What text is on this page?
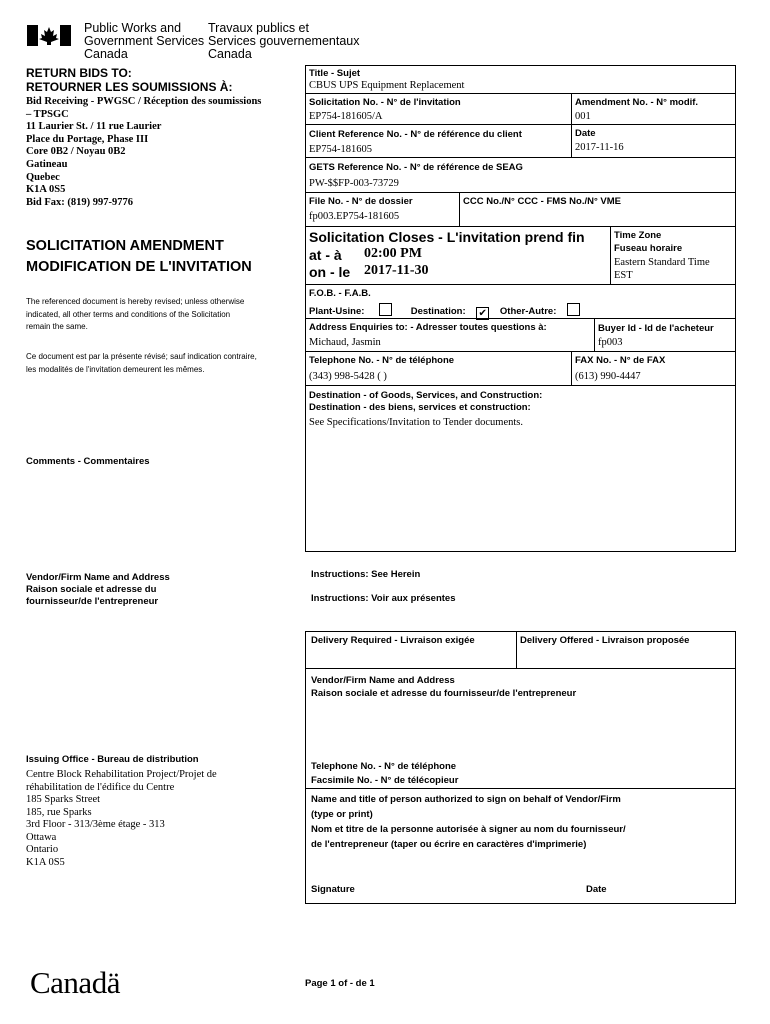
Public Works and
Government Services
Canada
Travaux publics et
Services gouvernementaux
Canada
RETURN BIDS TO:
RETOURNER LES SOUMISSIONS À:
Bid Receiving - PWGSC / Réception des soumissions
– TPSGC
11 Laurier St. / 11 rue Laurier
Place du Portage, Phase III
Core 0B2 / Noyau 0B2
Gatineau
Quebec
K1A 0S5
Bid Fax: (819) 997-9776
SOLICITATION AMENDMENT
MODIFICATION DE L'INVITATION
The referenced document is hereby revised; unless otherwise
indicated, all other terms and conditions of the Solicitation
remain the same.
Ce document est par la présente révisé; sauf indication contraire,
les modalités de l'invitation demeurent les mêmes.
Comments - Commentaires
Vendor/Firm Name and Address
Raison sociale et adresse du
fournisseur/de l'entrepreneur
Issuing Office - Bureau de distribution
Centre Block Rehabilitation Project/Projet de
réhabilitation de l'édifice du Centre
185 Sparks Street
185, rue Sparks
3rd Floor - 313/3ème étage - 313
Ottawa
Ontario
K1A 0S5
Title - Sujet
CBUS UPS Equipment Replacement
Solicitation No. - N° de l'invitation
EP754-181605/A
Amendment No. - N° modif.
001
Client Reference No. - N° de référence du client
EP754-181605
Date
2017-11-16
GETS Reference No. - N° de référence de SEAG
PW-$$FP-003-73729
File No. - N° de dossier
fp003.EP754-181605
CCC No./N° CCC - FMS No./N° VME
Solicitation Closes - L'invitation prend fin
at - à 02:00 PM
on - le 2017-11-30
Time Zone
Fuseau horaire
Eastern Standard Time
EST
F.O.B. - F.A.B.
Plant-Usine:	Destination: ✔ Other-Autre:
Address Enquiries to: - Adresser toutes questions à:
Michaud, Jasmin
Buyer Id - Id de l'acheteur
fp003
Telephone No. - N° de téléphone
(343) 998-5428 ( )
FAX No. - N° de FAX
(613) 990-4447
Destination - of Goods, Services, and Construction:
Destination - des biens, services et construction:
See Specifications/Invitation to Tender documents.
Instructions: See Herein
Instructions: Voir aux présentes
Delivery Required - Livraison exigée	Delivery Offered - Livraison proposée
Vendor/Firm Name and Address
Raison sociale et adresse du fournisseur/de l'entrepreneur
Telephone No. - N° de téléphone
Facsimile No. - N° de télécopieur
Name and title of person authorized to sign on behalf of Vendor/Firm
(type or print)
Nom et titre de la personne autorisée à signer au nom du fournisseur/
de l'entrepreneur (taper ou écrire en caractères d'imprimerie)
Signature	Date
Canadä	Page 1 of - de 1
